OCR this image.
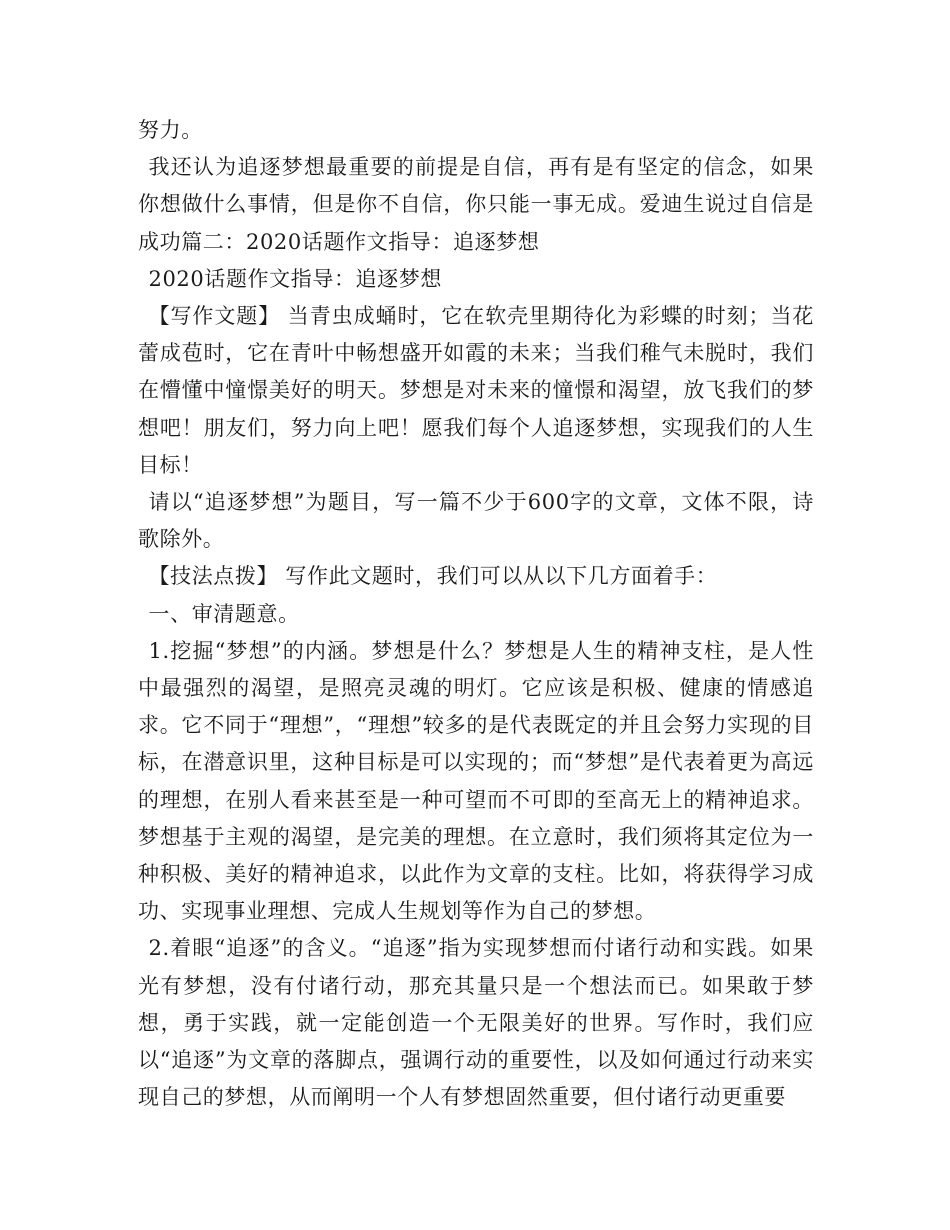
努力。

我还认为追逐梦想最重要的前提是自信，再有是有坚定的信念，如果你想做什么事情，但是你不自信，你只能一事无成。爱迪生说过自信是成功篇二：2020话题作文指导：追逐梦想

2020话题作文指导：追逐梦想

【写作文题】 当青虫成蛹时，它在软壳里期待化为彩蝶的时刻；当花蕾成苞时，它在青叶中畅想盛开如霞的未来；当我们稚气未脱时，我们在懵懂中憧憬美好的明天。梦想是对未来的憧憬和渴望，放飞我们的梦想吧！朋友们，努力向上吧！愿我们每个人追逐梦想，实现我们的人生目标！

请以“追逐梦想”为题目，写一篇不少于600字的文章，文体不限，诗歌除外。

【技法点拨】 写作此文题时，我们可以从以下几方面着手：

一、审清题意。

1.挖掘“梦想”的内涵。梦想是什么？梦想是人生的精神支柱，是人性中最强烈的渴望，是照亮灵魂的明灯。它应该是积极、健康的情感追求。它不同于“理想”，“理想”较多的是代表既定的并且会努力实现的目标，在潜意识里，这种目标是可以实现的；而“梦想”是代表着更为高远的理想，在别人看来甚至是一种可望而不可即的至高无上的精神追求。梦想基于主观的渴望，是完美的理想。在立意时，我们须将其定位为一种积极、美好的精神追求，以此作为文章的支柱。比如，将获得学习成功、实现事业理想、完成人生规划等作为自己的梦想。

2.着眼“追逐”的含义。“追逐”指为实现梦想而付诸行动和实践。如果光有梦想，没有付诸行动，那充其量只是一个想法而已。如果敢于梦想，勇于实践，就一定能创造一个无限美好的世界。写作时，我们应以“追逐”为文章的落脚点，强调行动的重要性，以及如何通过行动来实现自己的梦想，从而阐明一个人有梦想固然重要，但付诸行动更重要
